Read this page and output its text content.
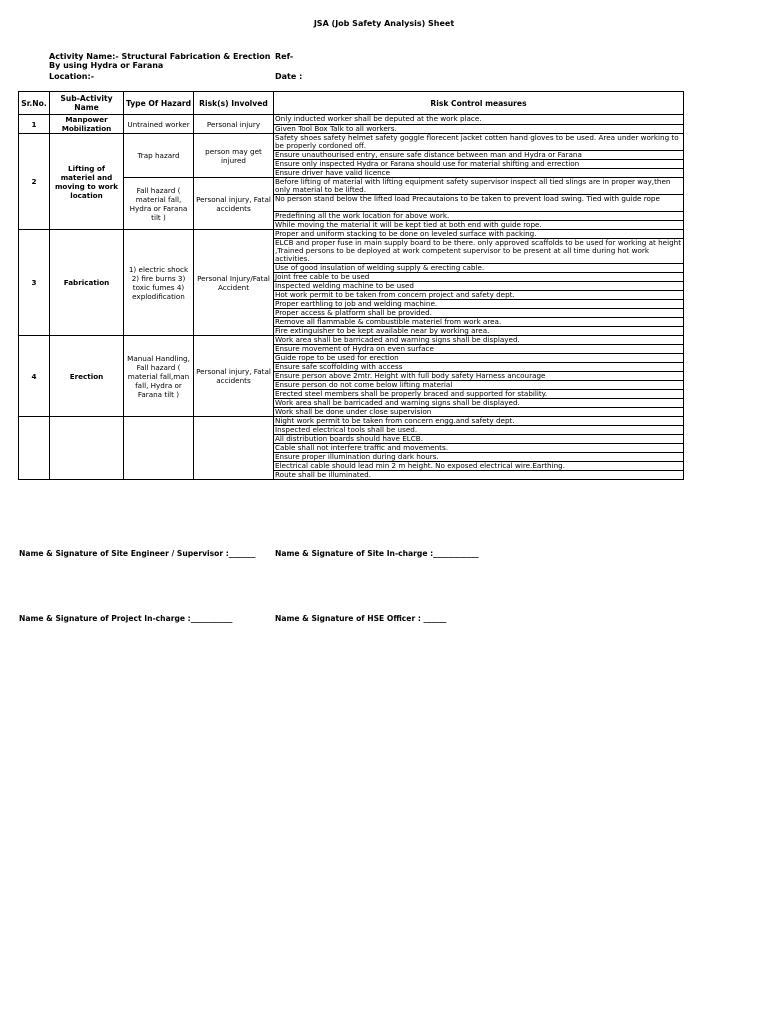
JSA (Job Safety Analysis) Sheet
Activity Name:- Structural Fabrication & Erection
By using Hydra or Farana
Location:-
Ref-
Date :
Sr.No.	Sub-Activity Name	Type Of Hazard	Risk(s) Involved	Risk Control measures
1	Manpower Mobilization	Untrained worker	Personal injury	Only inducted worker shall be deputed at the work place.
				Given Tool Box Talk to all workers.
2	Lifting of materiel and moving to work location	Trap hazard	person may get injured	Safety shoes safety helmet safety goggle florecent jacket cotten hand gloves to be used. Area under working to be properly cordoned off.
				Ensure unauthourised entry, ensure safe distance between man and Hydra or Farana
				Ensure only inspected Hydra or Farana should use for material shifting and errection
				Ensure driver have valid licence
		Fall hazard ( material fall, Hydra or Farana tilt )	Personal injury, Fatal accidents	Before lifting of material with lifting equipment safety supervisor inspect all tied slings are in proper way,then only material to be lifted.
				No person stand below the lifted load Precautaions to be taken to prevent load swing. Tied with guide rope
				Predefining all the work location for above work.
				While moving the material it will be kept tied at both end with guide rope.
3	Fabrication	1) electric shock 2) fire burns 3) toxic fumes 4) explodification	Personal Injury/Fatal Accident	Proper and uniform stacking to be done on leveled surface with packing.
				ELCB and proper fuse in main supply board to be there. only approved scaffolds to be used for working at height ,Trained persons to be deployed at work competent supervisor to be present at all time during hot work activities.
				Use of good insulation of welding supply & erecting cable.
				Joint free cable to be used
				Inspected welding machine to be used
				Hot work permit to be taken from concern project and safety dept.
				Proper earthling to job and welding machine.
				Proper access & platform shall be provided.
				Remove all flammable & combustible materiel from work area.
				Fire extinguisher to be kept available near by working area.
4	Erection	Manual Handling, Fall hazard ( material fall,man fall, Hydra or Farana tilt )	Personal injury, Fatal accidents	Work area shall be barricaded and warning signs shall be displayed.
				Ensure movement of Hydra on even surface
				Guide rope to be used for erection
				Ensure safe scoffolding with access
				Ensure person above 2mtr. Height with full body safety Harness ancourage
				Ensure person do not come below lifting material
				Erected steel members shall be properly braced and supported for stability.
				Work area shall be barricaded and warning signs shall be displayed.
				Work shall be done under close supervision
				Night work permit to be taken from concern engg.and safety dept.
				Inspected electrical tools shall be used.
				All distribution boards should have ELCB.
				Cable shall not interfere traffic and movements.
				Ensure proper illumination during dark hours.
				Electrical cable should lead min 2 m height. No exposed electrical wire.Earthing.
				Route shall be illuminated.
Name & Signature of Site Engineer / Supervisor :_______	Name & Signature of Site In-charge :____________
Name & Signature of Project In-charge :___________	Name & Signature of HSE Officer : ______
